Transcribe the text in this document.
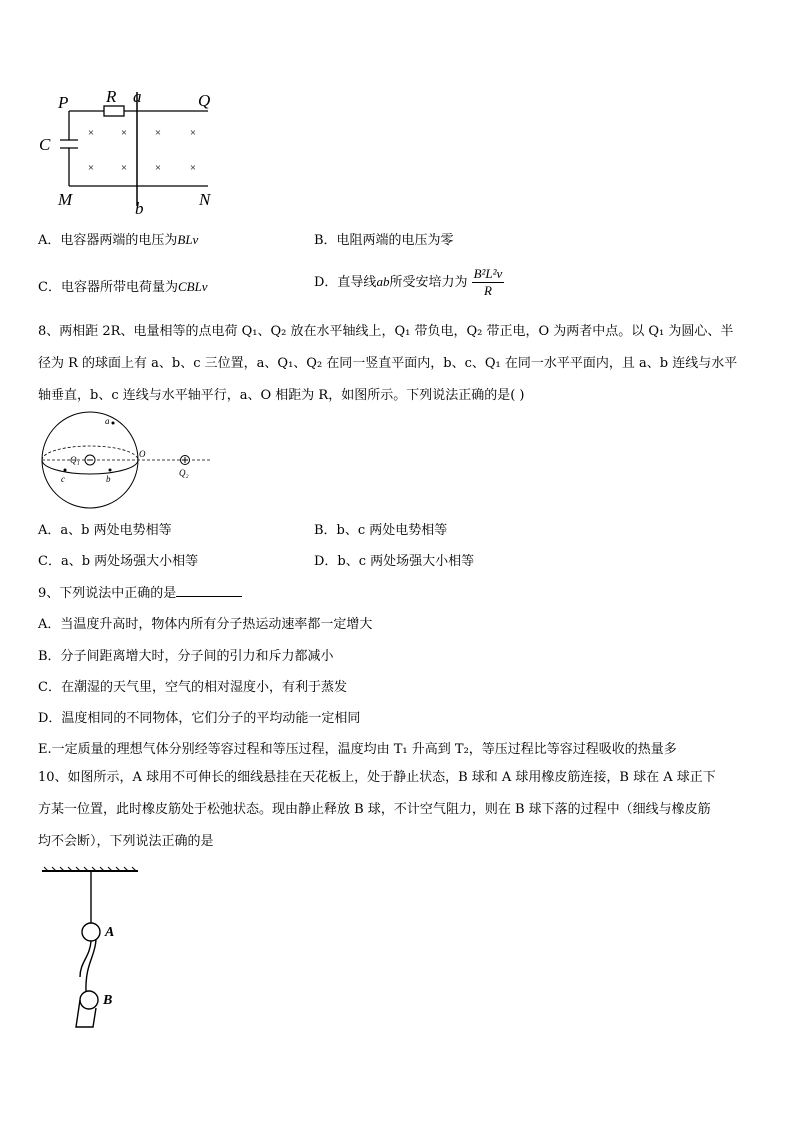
× ×	×	×
× ×	×	×
P R a	Q
C
M	b	N
A．电容器两端的电压为BLv	B．电阻两端的电压为零
C．电容器所带电荷量为CBLv	D．直导线ab所受安培力为 $\frac{\text{B²L²v}}{R}$
8、两相距 2R、电量相等的点电荷 Q₁、Q₂ 放在水平轴线上，Q₁ 带负电，Q₂ 带正电，O 为两者中点。以 Q₁ 为圆心、半
径为 R 的球面上有 a、b、c 三位置，a、Q₁、Q₂ 在同一竖直平面内，b、c、Q₁ 在同一水平平面内，且 a、b 连线与水平
轴垂直，b、c 连线与水平轴平行，a、O 相距为 R，如图所示。下列说法正确的是( )
a
O
Q₁
Q₂
c	b
A．a、b 两处电势相等	B．b、c 两处电势相等
C．a、b 两处场强大小相等	D．b、c 两处场强大小相等
9、下列说法中正确的是
A．当温度升高时，物体内所有分子热运动速率都一定增大
B．分子间距离增大时，分子间的引力和斥力都减小
C．在潮湿的天气里，空气的相对湿度小，有利于蒸发
D．温度相同的不同物体，它们分子的平均动能一定相同
E.一定质量的理想气体分别经等容过程和等压过程，温度均由 T₁ 升高到 T₂，等压过程比等容过程吸收的热量多
10、如图所示，A 球用不可伸长的细线悬挂在天花板上，处于静止状态，B 球和 A 球用橡皮筋连接，B 球在 A 球正下
方某一位置，此时橡皮筋处于松弛状态。现由静止释放 B 球，不计空气阻力，则在 B 球下落的过程中（细线与橡皮筋
均不会断），下列说法正确的是
A
B
